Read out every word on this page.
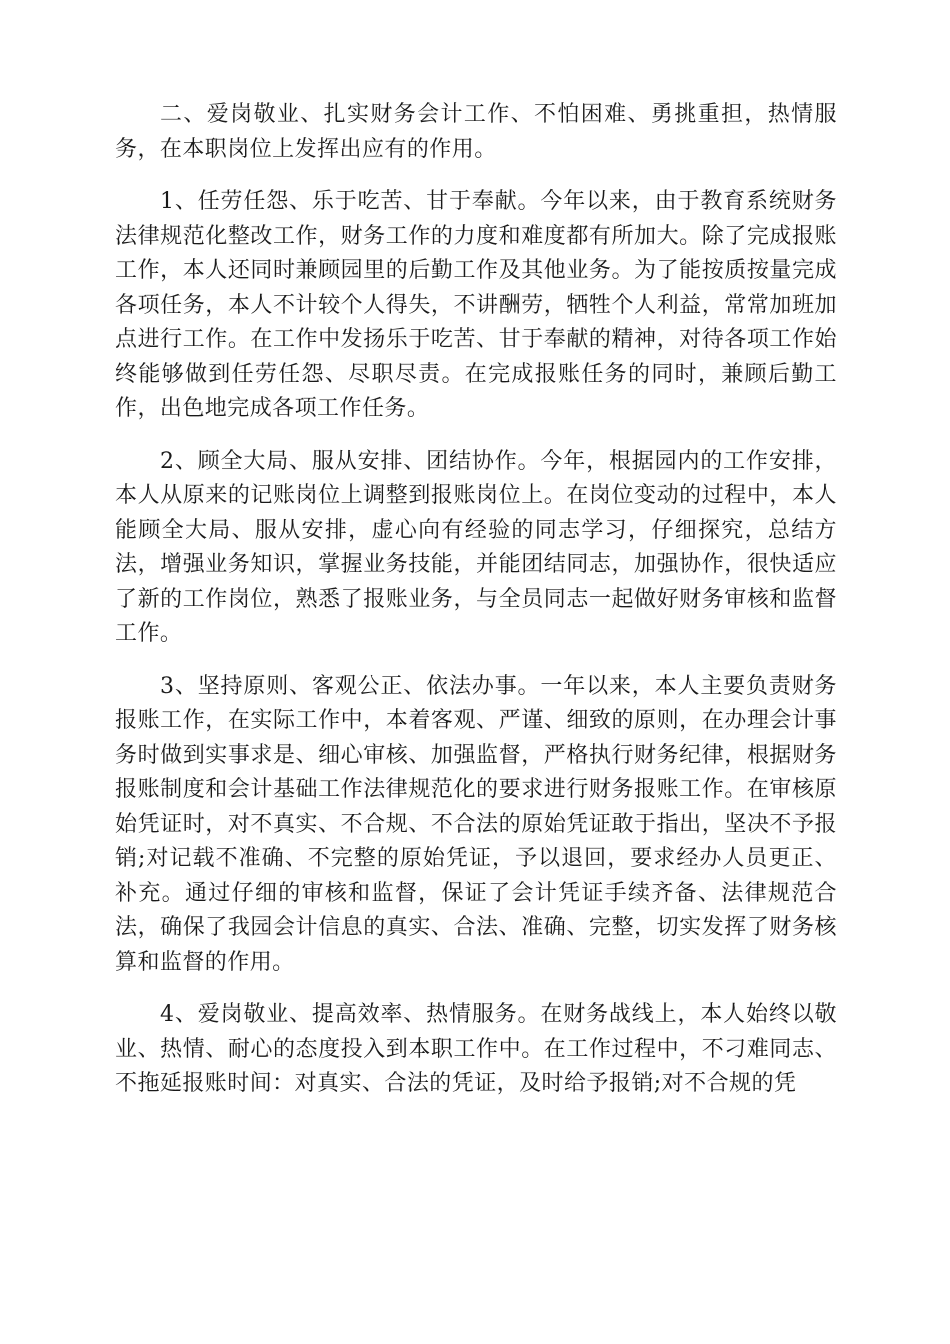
二、爱岗敬业、扎实财务会计工作、不怕困难、勇挑重担，热情服务，在本职岗位上发挥出应有的作用。

1、任劳任怨、乐于吃苦、甘于奉献。今年以来，由于教育系统财务法律规范化整改工作，财务工作的力度和难度都有所加大。除了完成报账工作，本人还同时兼顾园里的后勤工作及其他业务。为了能按质按量完成各项任务，本人不计较个人得失，不讲酬劳，牺牲个人利益，常常加班加点进行工作。在工作中发扬乐于吃苦、甘于奉献的精神，对待各项工作始终能够做到任劳任怨、尽职尽责。在完成报账任务的同时，兼顾后勤工作，出色地完成各项工作任务。

2、顾全大局、服从安排、团结协作。今年，根据园内的工作安排，本人从原来的记账岗位上调整到报账岗位上。在岗位变动的过程中，本人能顾全大局、服从安排，虚心向有经验的同志学习，仔细探究，总结方法，增强业务知识，掌握业务技能，并能团结同志，加强协作，很快适应了新的工作岗位，熟悉了报账业务，与全员同志一起做好财务审核和监督工作。

3、坚持原则、客观公正、依法办事。一年以来，本人主要负责财务报账工作，在实际工作中，本着客观、严谨、细致的原则，在办理会计事务时做到实事求是、细心审核、加强监督，严格执行财务纪律，根据财务报账制度和会计基础工作法律规范化的要求进行财务报账工作。在审核原始凭证时，对不真实、不合规、不合法的原始凭证敢于指出，坚决不予报销;对记载不准确、不完整的原始凭证，予以退回，要求经办人员更正、补充。通过仔细的审核和监督，保证了会计凭证手续齐备、法律规范合法，确保了我园会计信息的真实、合法、准确、完整，切实发挥了财务核算和监督的作用。

4、爱岗敬业、提高效率、热情服务。在财务战线上，本人始终以敬业、热情、耐心的态度投入到本职工作中。在工作过程中，不刁难同志、不拖延报账时间：对真实、合法的凭证，及时给予报销;对不合规的凭
